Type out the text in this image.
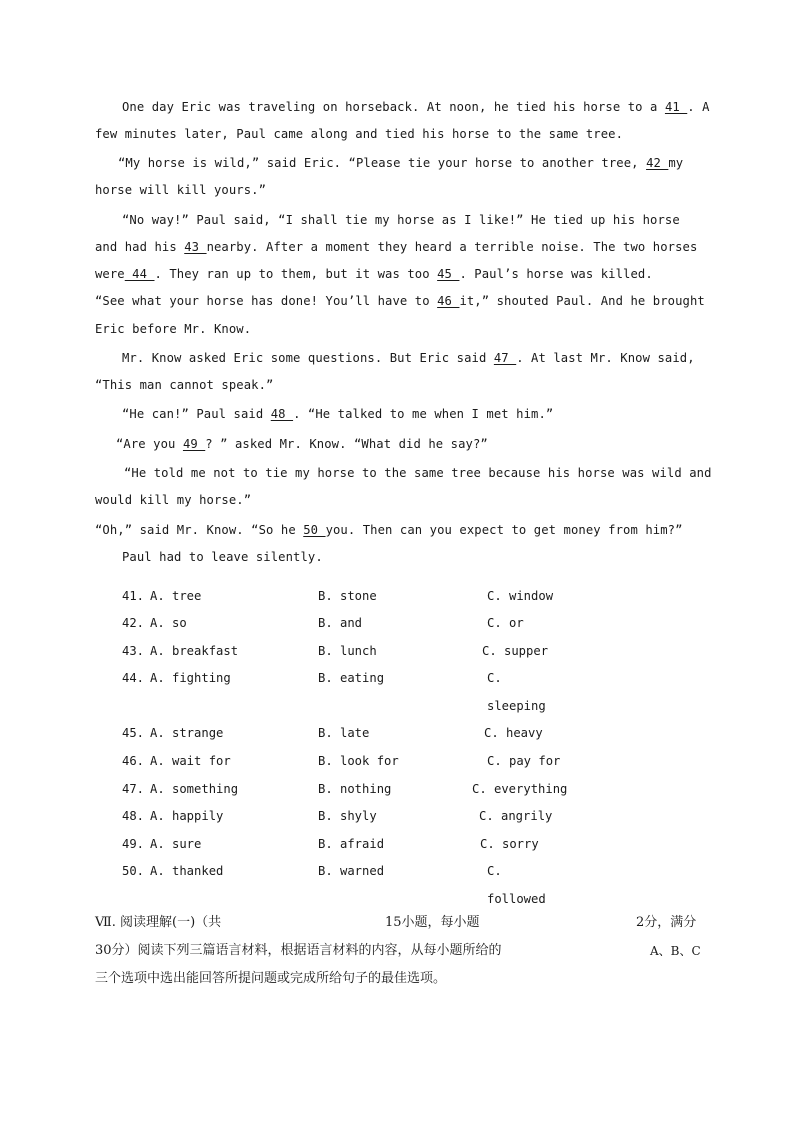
One day Eric was traveling on horseback. At noon, he tied his horse to a 41 . A
few minutes later, Paul came along and tied his horse to the same tree.
“My horse is wild,” said Eric. “Please tie your horse to another tree, 42 my
horse will kill yours.”
“No way!” Paul said, “I shall tie my horse as I like!” He tied up his horse
and had his 43 nearby. After a moment they heard a terrible noise. The two horses
were 44 . They ran up to them, but it was too 45 . Paul’s horse was killed.
“See what your horse has done! You’ll have to 46 it,” shouted Paul. And he brought
Eric before Mr. Know.
Mr. Know asked Eric some questions. But Eric said 47 . At last Mr. Know said,
“This man cannot speak.”
“He can!” Paul said 48 . “He talked to me when I met him.”
“Are you 49 ? ” asked Mr. Know. “What did he say?”
“He told me not to tie my horse to the same tree because his horse was wild and
would kill my horse.”
“Oh,” said Mr. Know. “So he 50 you. Then can you expect to get money from him?”
Paul had to leave silently.
41. A. tree	B. stone	C. window
42. A. so	B. and	C. or
43. A. breakfast	B. lunch	C. supper
44. A. fighting	B. eating	C.
sleeping
45. A. strange	B. late	C. heavy
46. A. wait for	B. look for	C. pay for
47. A. something	B. nothing	C. everything
48. A. happily	B. shyly	C. angrily
49. A. sure	B. afraid	C. sorry
50. A. thanked	B. warned	C.
followed
Ⅶ. 阅读理解(一)（共	15小题，每小题	2分，满分
30分）阅读下列三篇语言材料，根据语言材料的内容，从每小题所给的	A、B、C
三个选项中选出能回答所提问题或完成所给句子的最佳选项。
